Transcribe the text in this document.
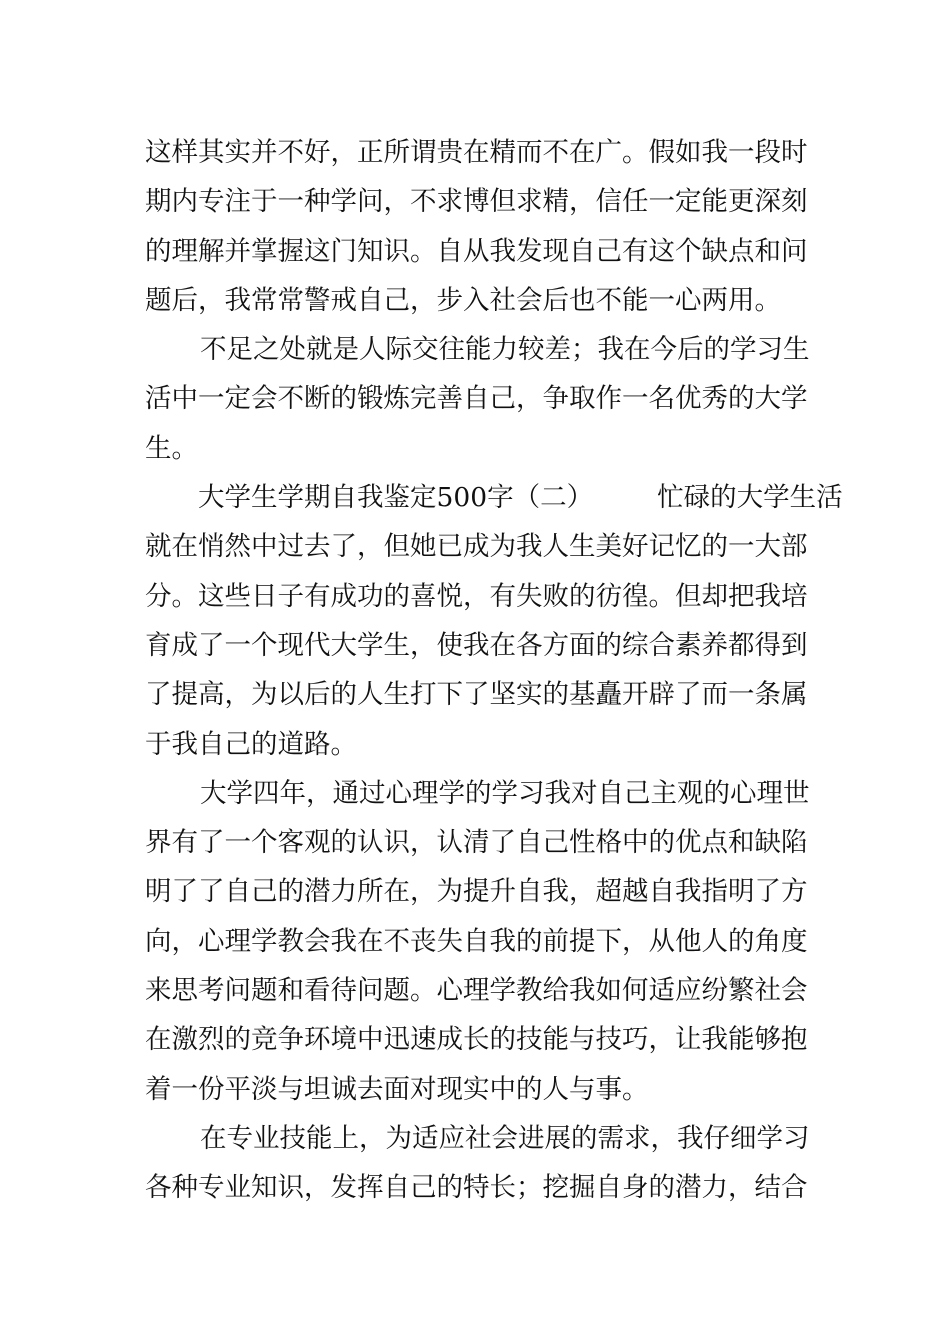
这样其实并不好，正所谓贵在精而不在广。假如我一段时
期内专注于一种学问，不求博但求精，信任一定能更深刻
的理解并掌握这门知识。自从我发现自己有这个缺点和问
题后，我常常警戒自己，步入社会后也不能一心两用。
不足之处就是人际交往能力较差；我在今后的学习生
活中一定会不断的锻炼完善自己，争取作一名优秀的大学
生。
大学生学期自我鉴定500字（二） 忙碌的大学生活
就在悄然中过去了，但她已成为我人生美好记忆的一大部
分。这些日子有成功的喜悦，有失败的彷徨。但却把我培
育成了一个现代大学生，使我在各方面的综合素养都得到
了提高，为以后的人生打下了坚实的基矗开辟了而一条属
于我自己的道路。
大学四年，通过心理学的学习我对自己主观的心理世
界有了一个客观的认识，认清了自己性格中的优点和缺陷
明了了自己的潜力所在，为提升自我，超越自我指明了方
向，心理学教会我在不丧失自我的前提下，从他人的角度
来思考问题和看待问题。心理学教给我如何适应纷繁社会
在激烈的竞争环境中迅速成长的技能与技巧，让我能够抱
着一份平淡与坦诚去面对现实中的人与事。
在专业技能上，为适应社会进展的需求，我仔细学习
各种专业知识，发挥自己的特长；挖掘自身的潜力，结合
